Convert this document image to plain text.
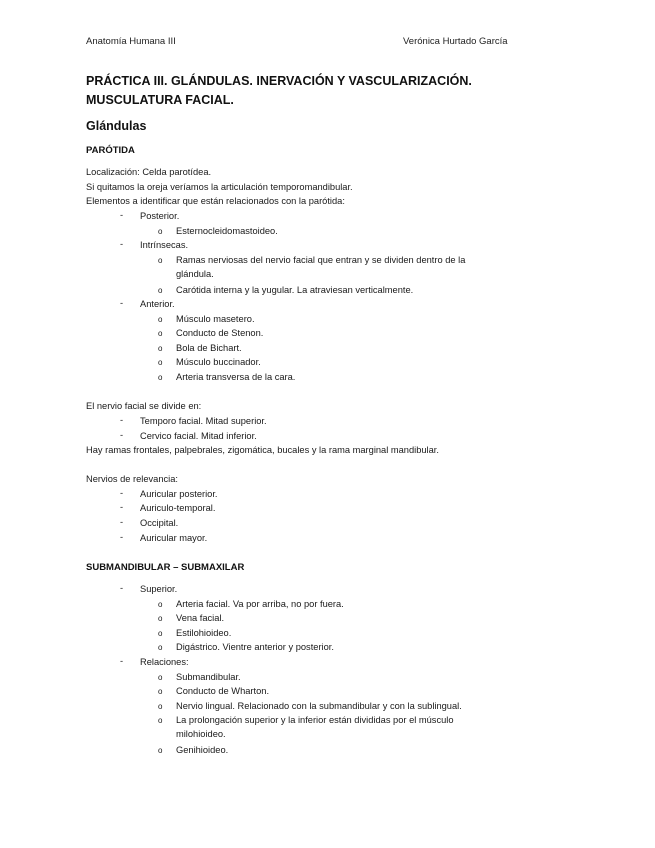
Anatomía Humana III	Verónica Hurtado García
PRÁCTICA III. GLÁNDULAS. INERVACIÓN Y VASCULARIZACIÓN. MUSCULATURA FACIAL.
Glándulas
PARÓTIDA
Localización: Celda parotídea.
Si quitamos la oreja veríamos la articulación temporomandibular.
Elementos a identificar que están relacionados con la parótida:
- Posterior.
o Esternocleidomastoideo.
- Intrínsecas.
o Ramas nerviosas del nervio facial que entran y se dividen dentro de la
glándula.
o Carótida interna y la yugular. La atraviesan verticalmente.
- Anterior.
o Músculo masetero.
o Conducto de Stenon.
o Bola de Bichart.
o Músculo buccinador.
o Arteria transversa de la cara.
El nervio facial se divide en:
- Temporo facial. Mitad superior.
- Cervico facial. Mitad inferior.
Hay ramas frontales, palpebrales, zigomática, bucales y la rama marginal mandibular.
Nervios de relevancia:
- Auricular posterior.
- Auriculo-temporal.
- Occipital.
- Auricular mayor.
SUBMANDIBULAR – SUBMAXILAR
- Superior.
o Arteria facial. Va por arriba, no por fuera.
o Vena facial.
o Estilohioideo.
o Digástrico. Vientre anterior y posterior.
- Relaciones:
o Submandibular.
o Conducto de Wharton.
o Nervio lingual. Relacionado con la submandibular y con la sublingual.
o La prolongación superior y la inferior están divididas por el músculo
milohioideo.
o Genihioideo.
